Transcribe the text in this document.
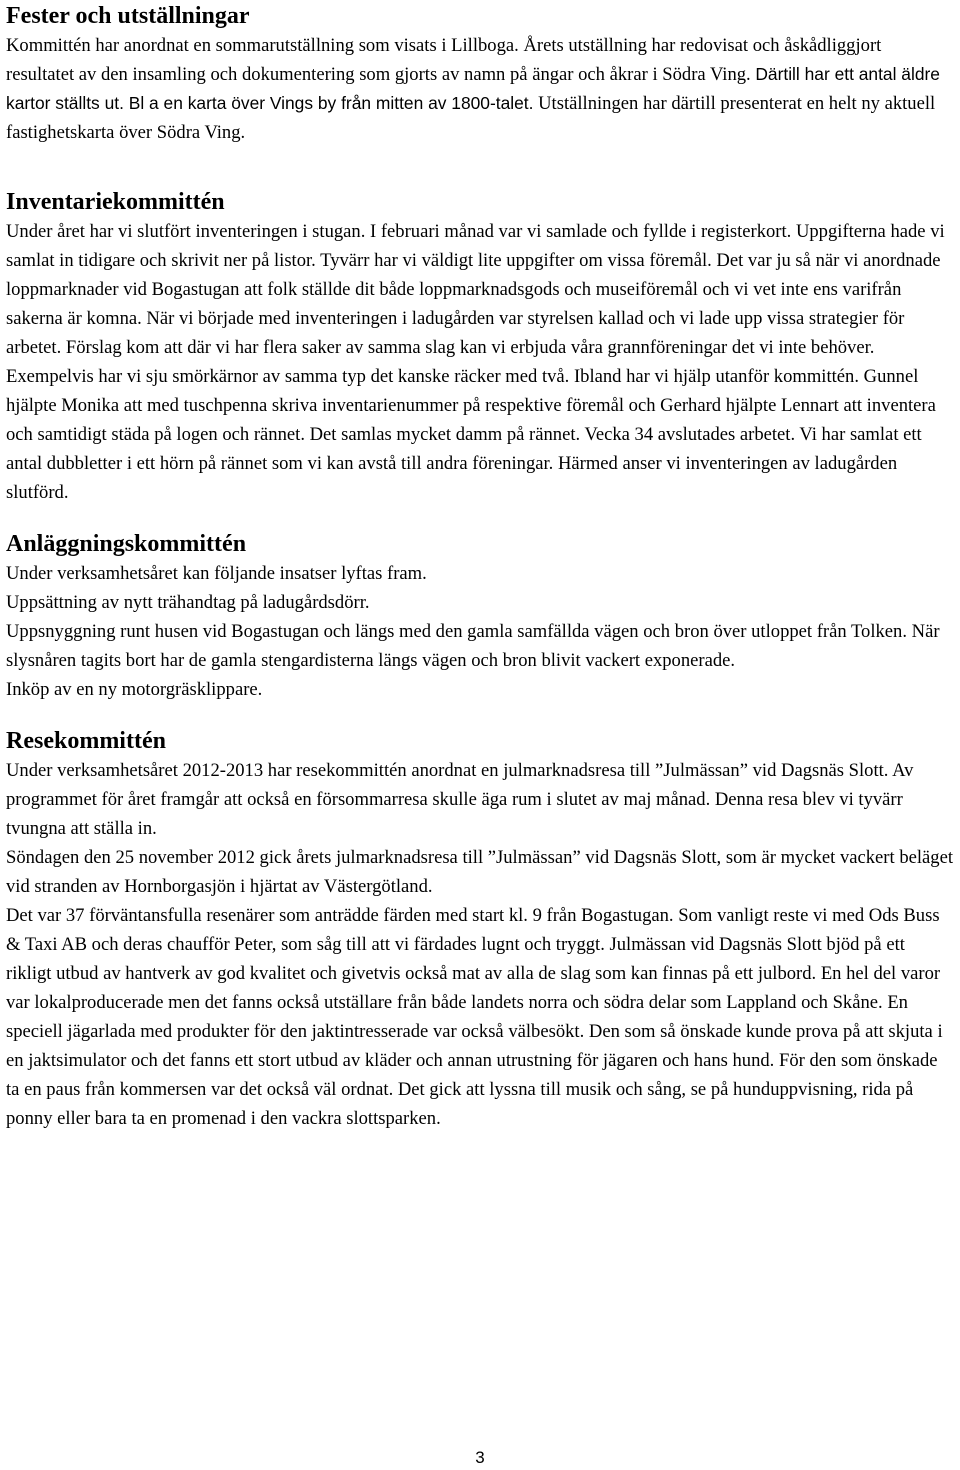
Fester och utställningar

Kommittén har anordnat en sommarutställning som visats i Lillboga. Årets utställning har redovisat och åskådliggjort resultatet av den insamling och dokumentering som gjorts av namn på ängar och åkrar i Södra Ving. Därtill har ett antal äldre kartor ställts ut. Bl a en karta över Vings by från mitten av 1800-talet. Utställningen har därtill presenterat en helt ny aktuell fastighetskarta över Södra Ving.

Inventariekommittén

Under året har vi slutfört inventeringen i stugan. I februari månad var vi samlade och fyllde i registerkort. Uppgifterna hade vi samlat in tidigare och skrivit ner på listor. Tyvärr har vi väldigt lite uppgifter om vissa föremål. Det var ju så när vi anordnade loppmarknader vid Bogastugan att folk ställde dit både loppmarknadsgods och museiföremål och vi vet inte ens varifrån sakerna är komna. När vi började med inventeringen i ladugården var styrelsen kallad och vi lade upp vissa strategier för arbetet. Förslag kom att där vi har flera saker av samma slag kan vi erbjuda våra grannföreningar det vi inte behöver. Exempelvis har vi sju smörkärnor av samma typ det kanske räcker med två. Ibland har vi hjälp utanför kommittén. Gunnel hjälpte Monika att med tuschpenna skriva inventarienummer på respektive föremål och Gerhard hjälpte Lennart att inventera och samtidigt städa på logen och rännet. Det samlas mycket damm på rännet. Vecka 34 avslutades arbetet. Vi har samlat ett antal dubbletter i ett hörn på rännet som vi kan avstå till andra föreningar. Härmed anser vi inventeringen av ladugården slutförd.

Anläggningskommittén

Under verksamhetsåret kan följande insatser lyftas fram.
Uppsättning av nytt trähandtag på ladugårdsdörr.
Uppsnyggning runt husen vid Bogastugan och längs med den gamla samfällda vägen och bron över utloppet från Tolken. När slysnåren tagits bort har de gamla stengardisterna längs vägen och bron blivit vackert exponerade.
Inköp av en ny motorgräsklippare.

Resekommittén

Under verksamhetsåret 2012-2013 har resekommittén anordnat en julmarknadsresa till ”Julmässan” vid Dagsnäs Slott. Av programmet för året framgår att också en försommarresa skulle äga rum i slutet av maj månad. Denna resa blev vi tyvärr tvungna att ställa in.
Söndagen den 25 november 2012 gick årets julmarknadsresa till ”Julmässan” vid Dagsnäs Slott, som är mycket vackert beläget vid stranden av Hornborgasjön i hjärtat av Västergötland.
Det var 37 förväntansfulla resenärer som anträdde färden med start kl. 9 från Bogastugan. Som vanligt reste vi med Ods Buss & Taxi AB och deras chaufför Peter, som såg till att vi färdades lugnt och tryggt. Julmässan vid Dagsnäs Slott bjöd på ett rikligt utbud av hantverk av god kvalitet och givetvis också mat av alla de slag som kan finnas på ett julbord. En hel del varor var lokalproducerade men det fanns också utställare från både landets norra och södra delar som Lappland och Skåne. En speciell jägarlada med produkter för den jaktintresserade var också välbesökt. Den som så önskade kunde prova på att skjuta i en jaktsimulator och det fanns ett stort utbud av kläder och annan utrustning för jägaren och hans hund. För den som önskade ta en paus från kommersen var det också väl ordnat. Det gick att lyssna till musik och sång, se på hunduppvisning, rida på ponny eller bara ta en promenad i den vackra slottsparken.

3
